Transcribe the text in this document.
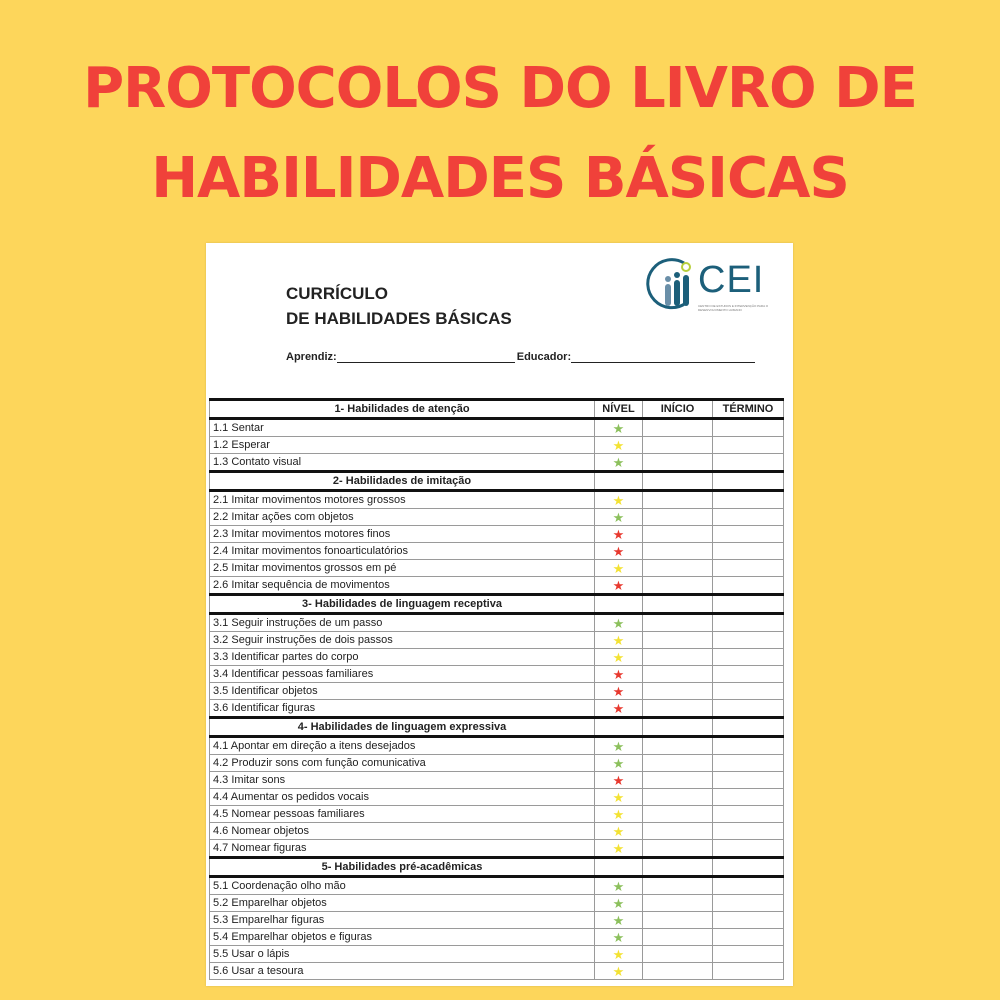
PROTOCOLOS DO LIVRO DE
HABILIDADES BÁSICAS
CURRÍCULO
DE HABILIDADES BÁSICAS
CEI
CENTRO DE ESTUDOS E INTERVENÇÃO PARA O DESENVOLVIMENTO HUMANO
Aprendiz:	Educador:
1- Habilidades de atenção	NÍVEL	INÍCIO	TÉRMINO
1.1 Sentar	★		
1.2 Esperar	★		
1.3 Contato visual	★		
2- Habilidades de imitação			
2.1 Imitar movimentos motores grossos	★		
2.2 Imitar ações com objetos	★		
2.3 Imitar movimentos motores finos	★		
2.4 Imitar movimentos fonoarticulatórios	★		
2.5 Imitar movimentos grossos em pé	★		
2.6 Imitar sequência de movimentos	★		
3- Habilidades de linguagem receptiva			
3.1 Seguir instruções de um passo	★		
3.2 Seguir instruções de dois passos	★		
3.3 Identificar partes do corpo	★		
3.4 Identificar pessoas familiares	★		
3.5 Identificar objetos	★		
3.6 Identificar figuras	★		
4- Habilidades de linguagem expressiva			
4.1 Apontar em direção a itens desejados	★		
4.2 Produzir sons com função comunicativa	★		
4.3 Imitar sons	★		
4.4 Aumentar os pedidos vocais	★		
4.5 Nomear pessoas familiares	★		
4.6 Nomear objetos	★		
4.7 Nomear figuras	★		
5- Habilidades pré-acadêmicas			
5.1 Coordenação olho mão	★		
5.2 Emparelhar objetos	★		
5.3 Emparelhar figuras	★		
5.4 Emparelhar objetos e figuras	★		
5.5 Usar o lápis	★		
5.6 Usar a tesoura	★		
